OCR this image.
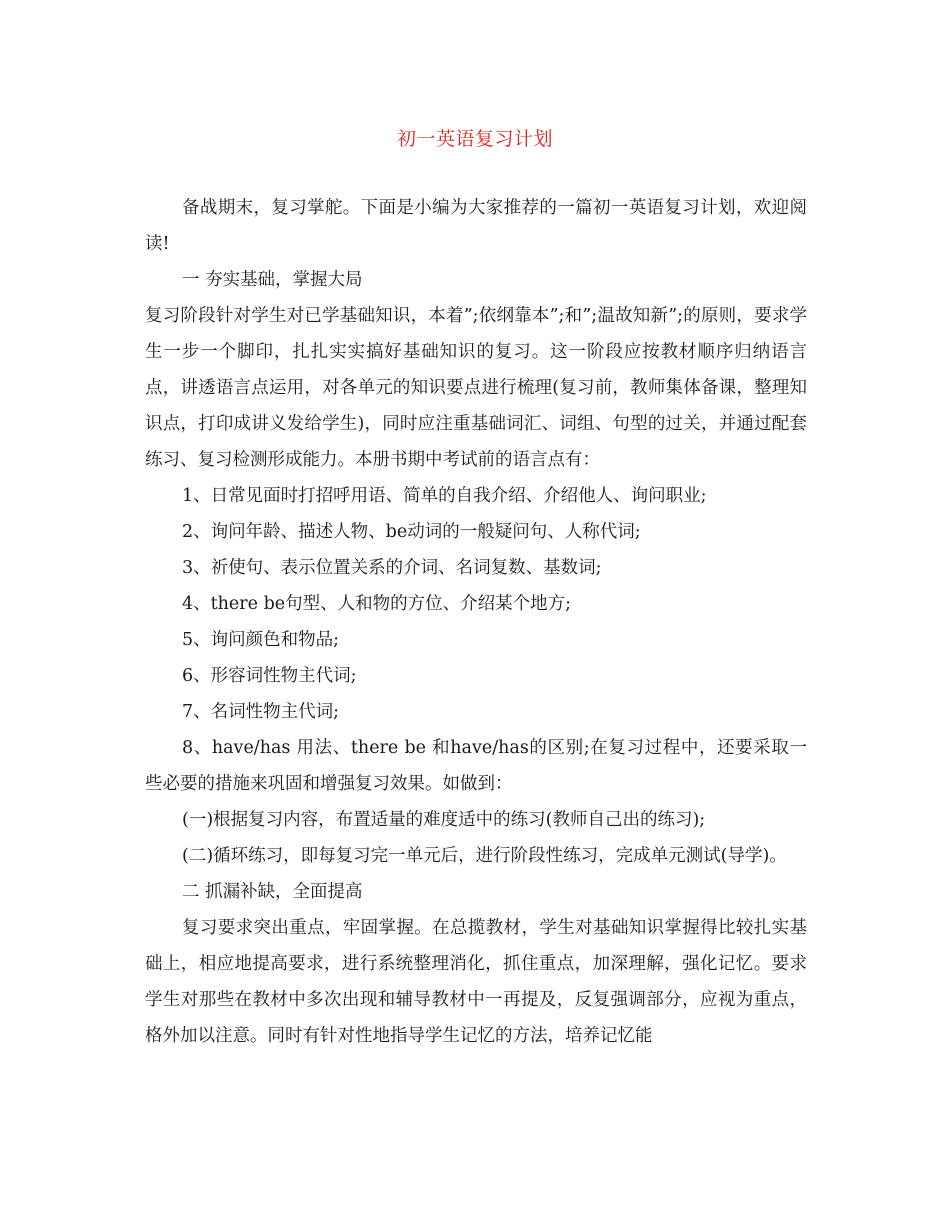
初一英语复习计划

备战期末，复习掌舵。下面是小编为大家推荐的一篇初一英语复习计划，欢迎阅读!

一 夯实基础，掌握大局

复习阶段针对学生对已学基础知识，本着”;依纲靠本”;和”;温故知新”;的原则，要求学生一步一个脚印，扎扎实实搞好基础知识的复习。这一阶段应按教材顺序归纳语言点，讲透语言点运用，对各单元的知识要点进行梳理(复习前，教师集体备课，整理知识点，打印成讲义发给学生)，同时应注重基础词汇、词组、句型的过关，并通过配套练习、复习检测形成能力。本册书期中考试前的语言点有：

1、日常见面时打招呼用语、简单的自我介绍、介绍他人、询问职业;

2、询问年龄、描述人物、be动词的一般疑问句、人称代词;

3、祈使句、表示位置关系的介词、名词复数、基数词;

4、there be句型、人和物的方位、介绍某个地方;

5、询问颜色和物品;

6、形容词性物主代词;

7、名词性物主代词;

8、have/has 用法、there be 和have/has的区别;在复习过程中，还要采取一些必要的措施来巩固和增强复习效果。如做到：

(一)根据复习内容，布置适量的难度适中的练习(教师自己出的练习);

(二)循环练习，即每复习完一单元后，进行阶段性练习，完成单元测试(导学)。

二 抓漏补缺，全面提高

复习要求突出重点，牢固掌握。在总揽教材，学生对基础知识掌握得比较扎实基础上，相应地提高要求，进行系统整理消化，抓住重点，加深理解，强化记忆。要求学生对那些在教材中多次出现和辅导教材中一再提及，反复强调部分，应视为重点，格外加以注意。同时有针对性地指导学生记忆的方法，培养记忆能
